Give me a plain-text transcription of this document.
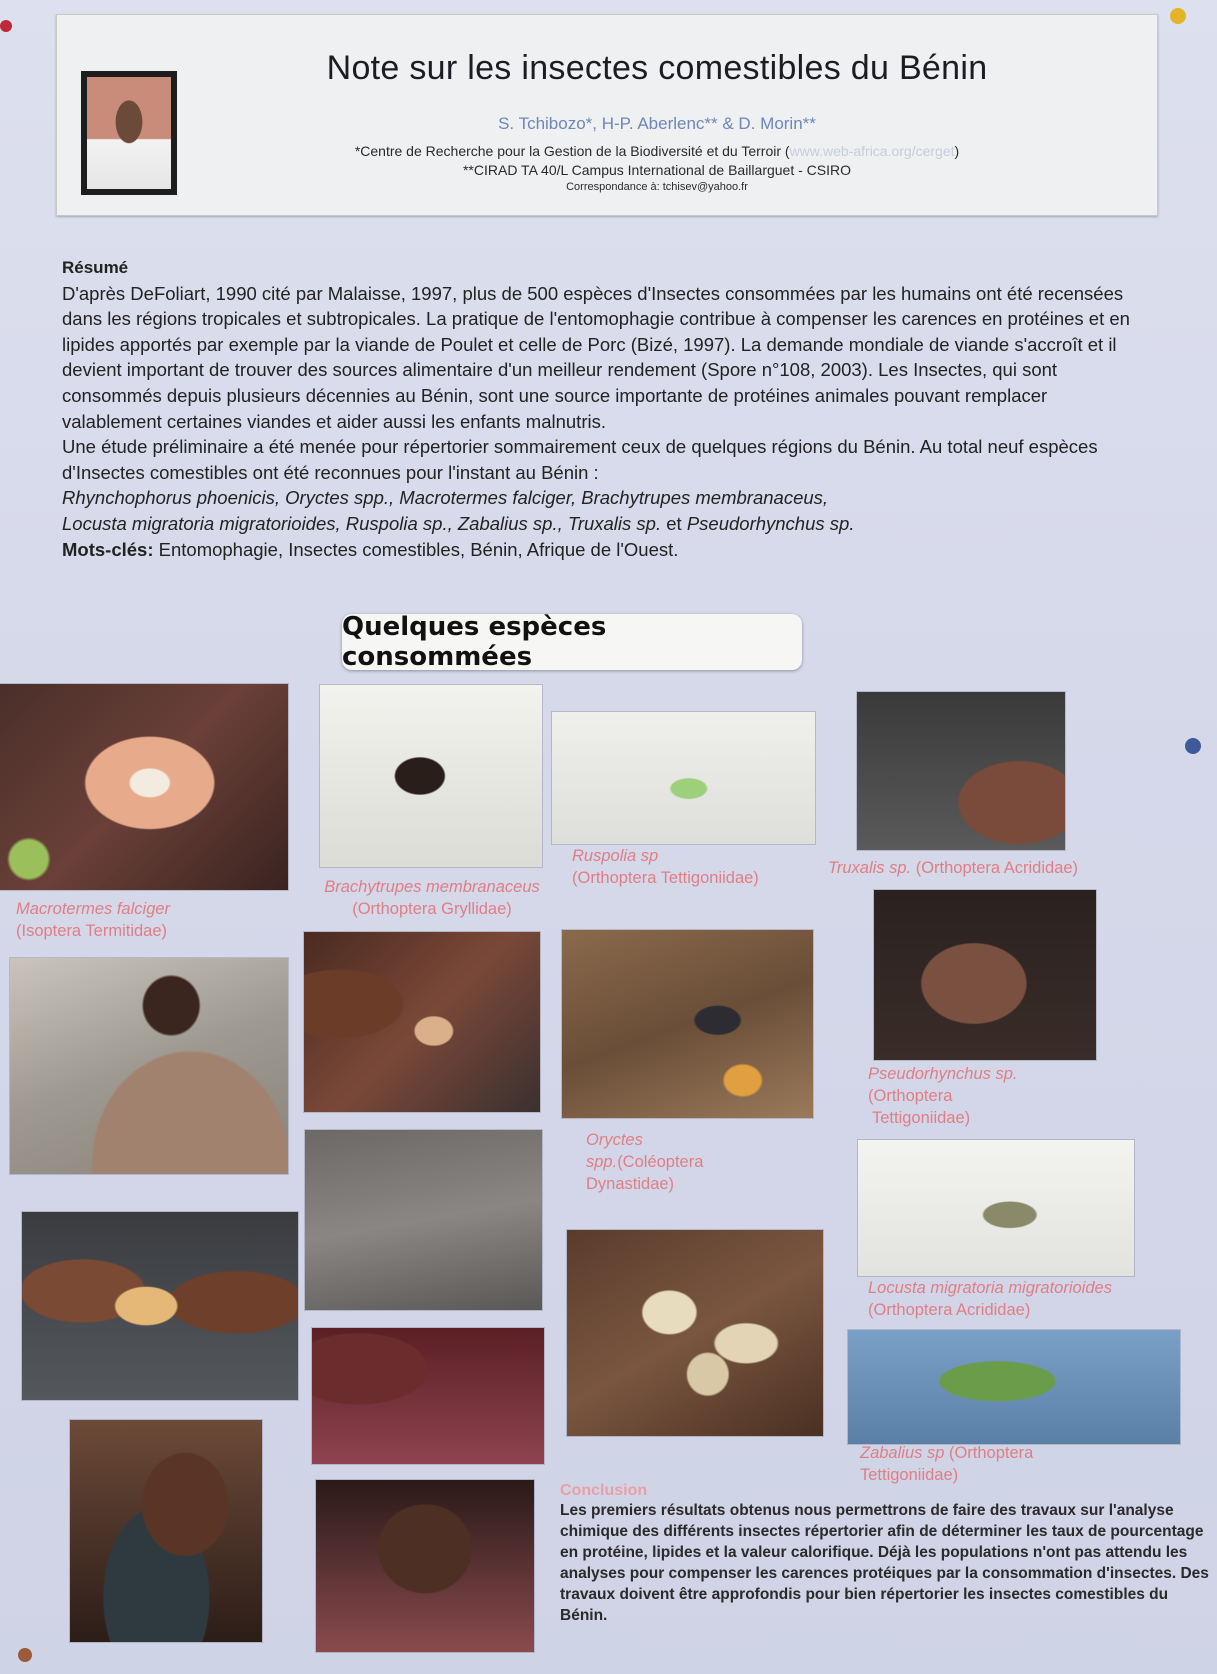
Note sur les insectes comestibles du Bénin
S. Tchibozo*, H-P. Aberlenc** & D. Morin**
*Centre de Recherche pour la Gestion de la Biodiversité et du Terroir (www.web-africa.org/cerget)
**CIRAD TA 40/L Campus International de Baillarguet - CSIRO
Correspondance à: tchisev@yahoo.fr
Résumé
D'après DeFoliart, 1990 cité par Malaisse, 1997, plus de 500 espèces d'Insectes consommées par les humains ont été recensées dans les régions tropicales et subtropicales. La pratique de l'entomophagie contribue à compenser les carences en protéines et en lipides apportés par exemple par la viande de Poulet et celle de Porc (Bizé, 1997). La demande mondiale de viande s'accroît et il devient important de trouver des sources alimentaire d'un meilleur rendement (Spore n°108, 2003). Les Insectes, qui sont consommés depuis plusieurs décennies au Bénin, sont une source importante de protéines animales pouvant remplacer valablement certaines viandes et aider aussi les enfants malnutris.
Une étude préliminaire a été menée pour répertorier sommairement ceux de quelques régions du Bénin. Au total neuf espèces d'Insectes comestibles ont été reconnues pour l'instant au Bénin :
Rhynchophorus phoenicis, Oryctes spp., Macrotermes falciger, Brachytrupes membranaceus,
Locusta migratoria migratorioides, Ruspolia sp., Zabalius sp., Truxalis sp. et Pseudorhynchus sp.
Mots-clés: Entomophagie, Insectes comestibles, Bénin, Afrique de l'Ouest.
Quelques espèces consommées
Macrotermes falciger
(Isoptera Termitidae)
Brachytrupes membranaceus
(Orthoptera Gryllidae)
Ruspolia sp
(Orthoptera Tettigoniidae)
Truxalis sp. (Orthoptera Acrididae)
Pseudorhynchus sp.
(Orthoptera
Tettigoniidae)
Oryctes
spp.(Coléoptera
Dynastidae)
Locusta migratoria migratorioides
(Orthoptera Acrididae)
Zabalius sp (Orthoptera
Tettigoniidae)
Conclusion
Les premiers résultats obtenus nous permettrons de faire des travaux sur l'analyse chimique des différents insectes répertorier afin de déterminer les taux de pourcentage en protéine, lipides et la valeur calorifique. Déjà les populations n'ont pas attendu les analyses pour compenser les carences protéiques par la consommation d'insectes. Des travaux doivent être approfondis pour bien répertorier les insectes comestibles du Bénin.
